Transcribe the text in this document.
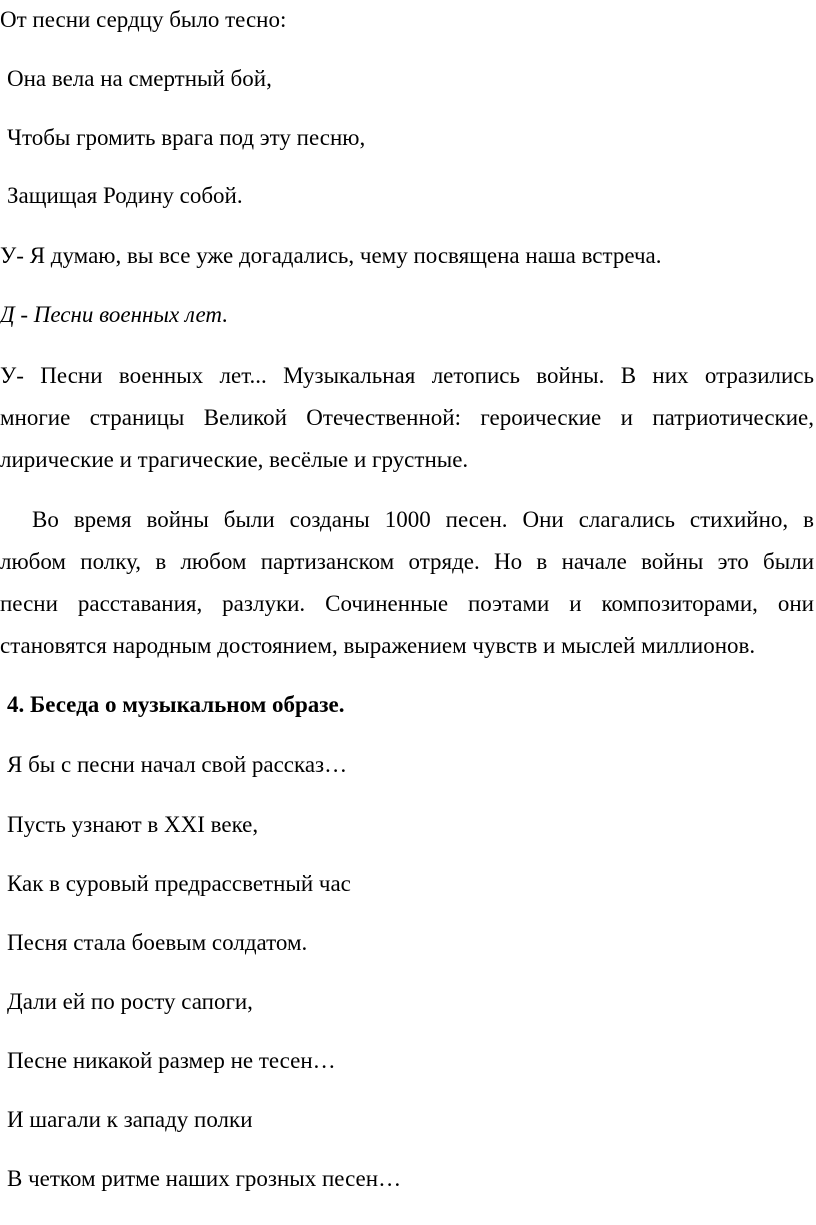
От песни сердцу было тесно:
Она вела на смертный бой,
Чтобы громить врага под эту песню,
Защищая Родину собой.
У- Я думаю, вы все уже догадались, чему посвящена наша встреча.
Д - Песни военных лет.
У- Песни военных лет... Музыкальная летопись войны. В них отразились
многие страницы Великой Отечественной: героические и патриотические,
лирические и трагические, весёлые и грустные.
Во время войны были созданы 1000 песен. Они слагались стихийно, в
любом полку, в любом партизанском отряде. Но в начале войны это были
песни расставания, разлуки. Сочиненные поэтами и композиторами, они
становятся народным достоянием, выражением чувств и мыслей миллионов.
4. Беседа о музыкальном образе.
Я бы с песни начал свой рассказ…
Пусть узнают в XXI веке,
Как в суровый предрассветный час
Песня стала боевым солдатом.
Дали ей по росту сапоги,
Песне никакой размер не тесен…
И шагали к западу полки
В четком ритме наших грозных песен…
